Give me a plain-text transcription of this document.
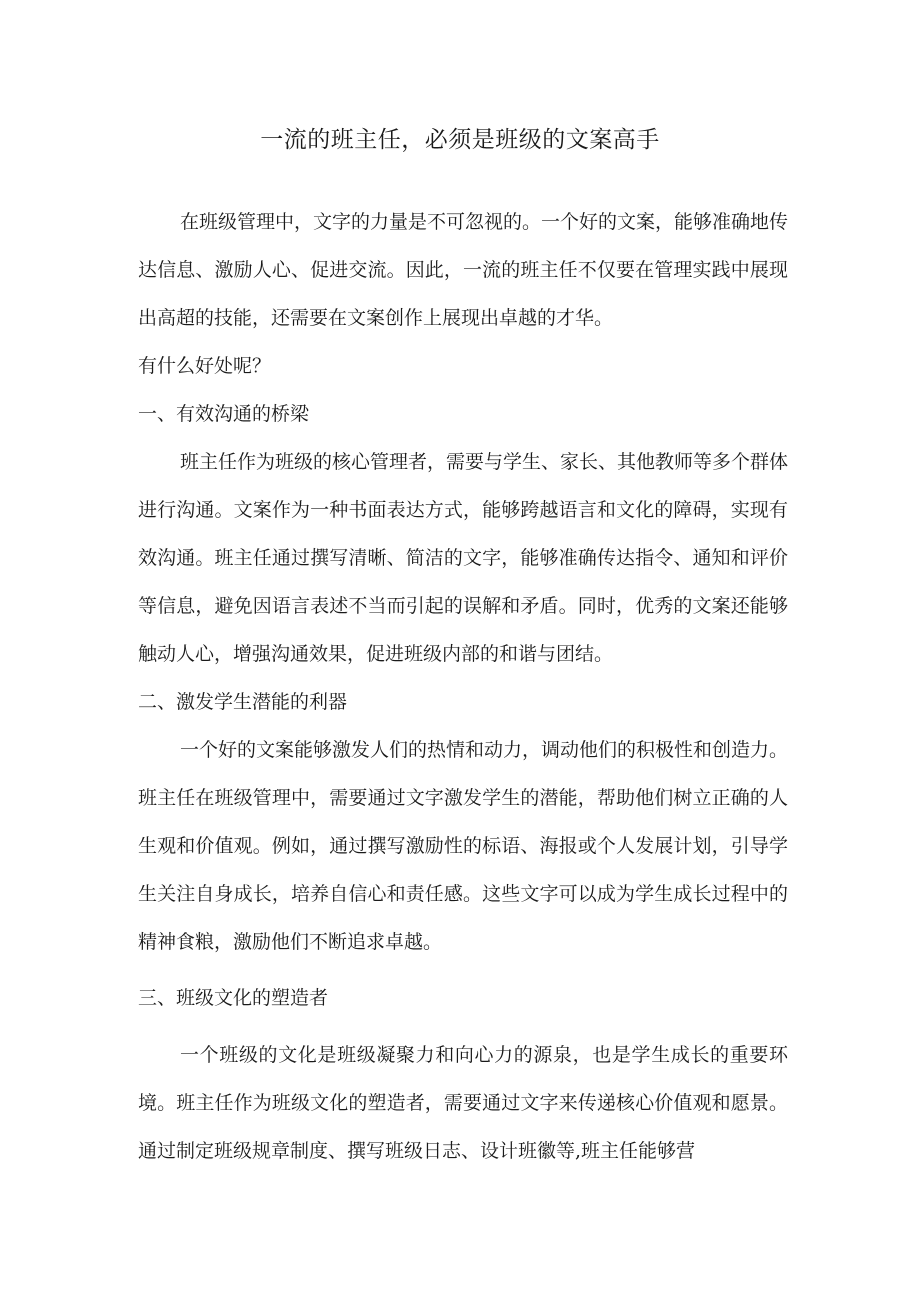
一流的班主任，必须是班级的文案高手

在班级管理中，文字的力量是不可忽视的。一个好的文案，能够准确地传达信息、激励人心、促进交流。因此，一流的班主任不仅要在管理实践中展现出高超的技能，还需要在文案创作上展现出卓越的才华。

有什么好处呢？

一、有效沟通的桥梁

班主任作为班级的核心管理者，需要与学生、家长、其他教师等多个群体进行沟通。文案作为一种书面表达方式，能够跨越语言和文化的障碍，实现有效沟通。班主任通过撰写清晰、简洁的文字，能够准确传达指令、通知和评价等信息，避免因语言表述不当而引起的误解和矛盾。同时，优秀的文案还能够触动人心，增强沟通效果，促进班级内部的和谐与团结。

二、激发学生潜能的利器

一个好的文案能够激发人们的热情和动力，调动他们的积极性和创造力。班主任在班级管理中，需要通过文字激发学生的潜能，帮助他们树立正确的人生观和价值观。例如，通过撰写激励性的标语、海报或个人发展计划，引导学生关注自身成长，培养自信心和责任感。这些文字可以成为学生成长过程中的精神食粮，激励他们不断追求卓越。

三、班级文化的塑造者

一个班级的文化是班级凝聚力和向心力的源泉，也是学生成长的重要环境。班主任作为班级文化的塑造者，需要通过文字来传递核心价值观和愿景。通过制定班级规章制度、撰写班级日志、设计班徽等,班主任能够营
